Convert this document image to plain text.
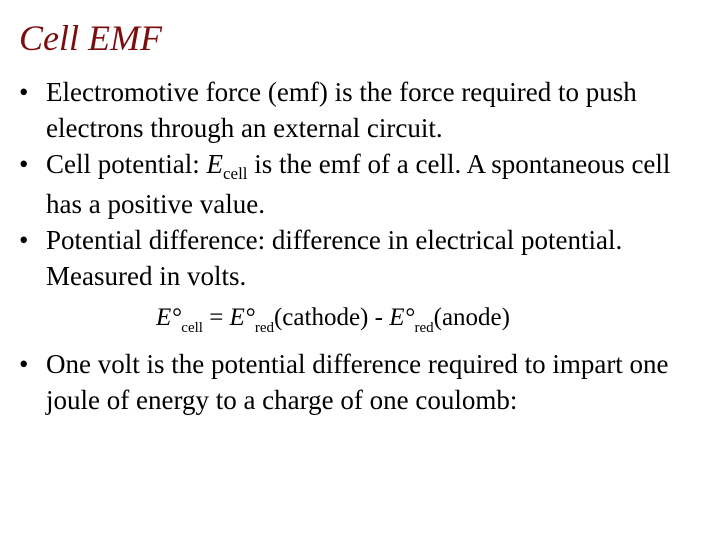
Cell EMF
• Electromotive force (emf) is the force required to push electrons through an external circuit.
• Cell potential: $E_{cell}$ is the emf of a cell. A spontaneous cell has a positive value.
• Potential difference: difference in electrical potential. Measured in volts.
$E^\circ_{cell}$ = $E^\circ_{red}(cathode)$ - $E^\circ_{red}(anode)$
• One volt is the potential difference required to impart one joule of energy to a charge of one coulomb:
